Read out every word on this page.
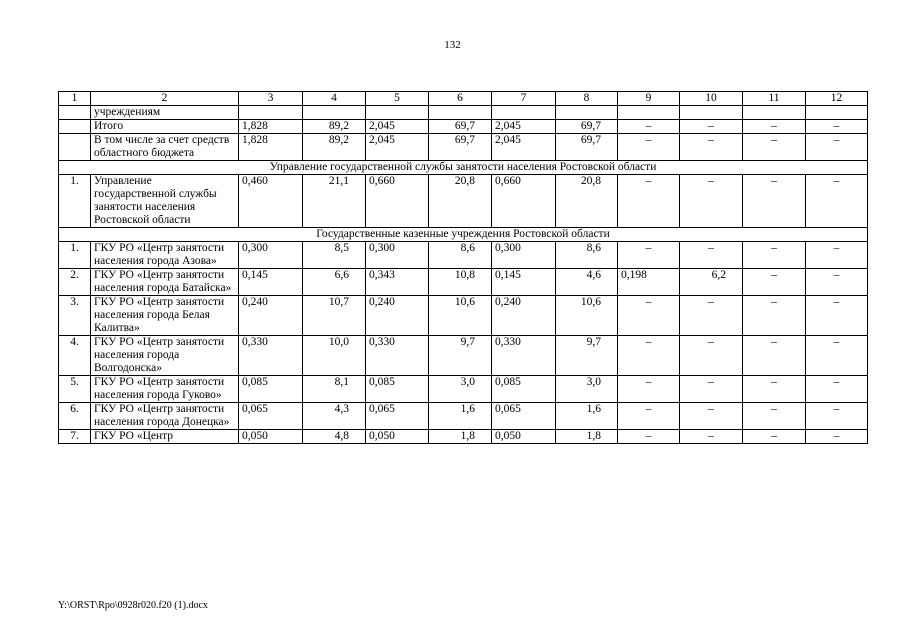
132
1	2	3	4	5	6	7	8	9	10	11	12
	учреждениям										
	Итого	1,828	89,2	2,045	69,7	2,045	69,7	–	–	–	–
	В том числе за счет средств областного бюджета	1,828	89,2	2,045	69,7	2,045	69,7	–	–	–	–
Управление государственной службы занятости населения Ростовской области											
1.	Управление государственной службы занятости населения Ростовской области	0,460	21,1	0,660	20,8	0,660	20,8	–	–	–	–
Государственные казенные учреждения Ростовской области											
1.	ГКУ РО «Центр занятости населения города Азова»	0,300	8,5	0,300	8,6	0,300	8,6	–	–	–	–
2.	ГКУ РО «Центр занятости населения города Батайска»	0,145	6,6	0,343	10,8	0,145	4,6	0,198	6,2	–	–
3.	ГКУ РО «Центр занятости населения города Белая Калитва»	0,240	10,7	0,240	10,6	0,240	10,6	–	–	–	–
4.	ГКУ РО «Центр занятости населения города Волгодонска»	0,330	10,0	0,330	9,7	0,330	9,7	–	–	–	–
5.	ГКУ РО «Центр занятости населения города Гуково»	0,085	8,1	0,085	3,0	0,085	3,0	–	–	–	–
6.	ГКУ РО «Центр занятости населения города Донецка»	0,065	4,3	0,065	1,6	0,065	1,6	–	–	–	–
7.	ГКУ РО «Центр	0,050	4,8	0,050	1,8	0,050	1,8	–	–	–	–
Y:\ORST\Rpo\0928r020.f20 (1).docx
